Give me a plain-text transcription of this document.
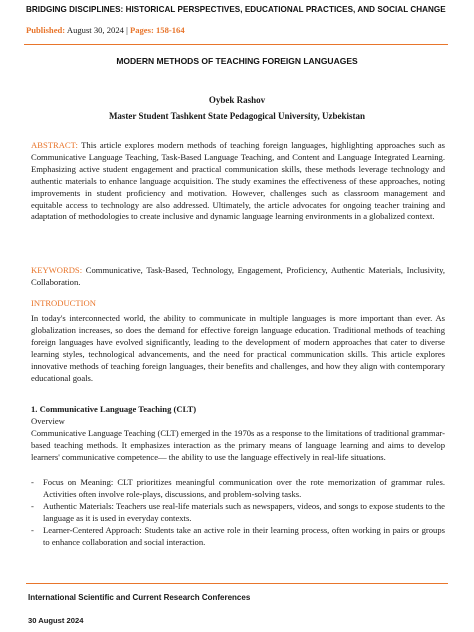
BRIDGING DISCIPLINES: HISTORICAL PERSPECTIVES, EDUCATIONAL PRACTICES, AND SOCIAL CHANGE
Published: August 30, 2024 | Pages: 158-164
MODERN METHODS OF TEACHING FOREIGN LANGUAGES
Oybek Rashov
Master Student Tashkent State Pedagogical University, Uzbekistan
ABSTRACT: This article explores modern methods of teaching foreign languages, highlighting approaches such as Communicative Language Teaching, Task-Based Language Teaching, and Content and Language Integrated Learning. Emphasizing active student engagement and practical communication skills, these methods leverage technology and authentic materials to enhance language acquisition. The study examines the effectiveness of these approaches, noting improvements in student proficiency and motivation. However, challenges such as classroom management and equitable access to technology are also addressed. Ultimately, the article advocates for ongoing teacher training and adaptation of methodologies to create inclusive and dynamic language learning environments in a globalized context.
KEYWORDS: Communicative, Task-Based, Technology, Engagement, Proficiency, Authentic Materials, Inclusivity, Collaboration.
INTRODUCTION
In today's interconnected world, the ability to communicate in multiple languages is more important than ever. As globalization increases, so does the demand for effective foreign language education. Traditional methods of teaching foreign languages have evolved significantly, leading to the development of modern approaches that cater to diverse learning styles, technological advancements, and the need for practical communication skills. This article explores innovative methods of teaching foreign languages, their benefits and challenges, and how they align with contemporary educational goals.
1. Communicative Language Teaching (CLT)
Overview
Communicative Language Teaching (CLT) emerged in the 1970s as a response to the limitations of traditional grammar-based teaching methods. It emphasizes interaction as the primary means of language learning and aims to develop learners' communicative competence— the ability to use the language effectively in real-life situations.
-	Focus on Meaning: CLT prioritizes meaningful communication over the rote memorization of grammar rules. Activities often involve role-plays, discussions, and problem-solving tasks.
-	Authentic Materials: Teachers use real-life materials such as newspapers, videos, and songs to expose students to the language as it is used in everyday contexts.
-	Learner-Centered Approach: Students take an active role in their learning process, often working in pairs or groups to enhance collaboration and social interaction.
International Scientific and Current Research Conferences
30 August 2024
